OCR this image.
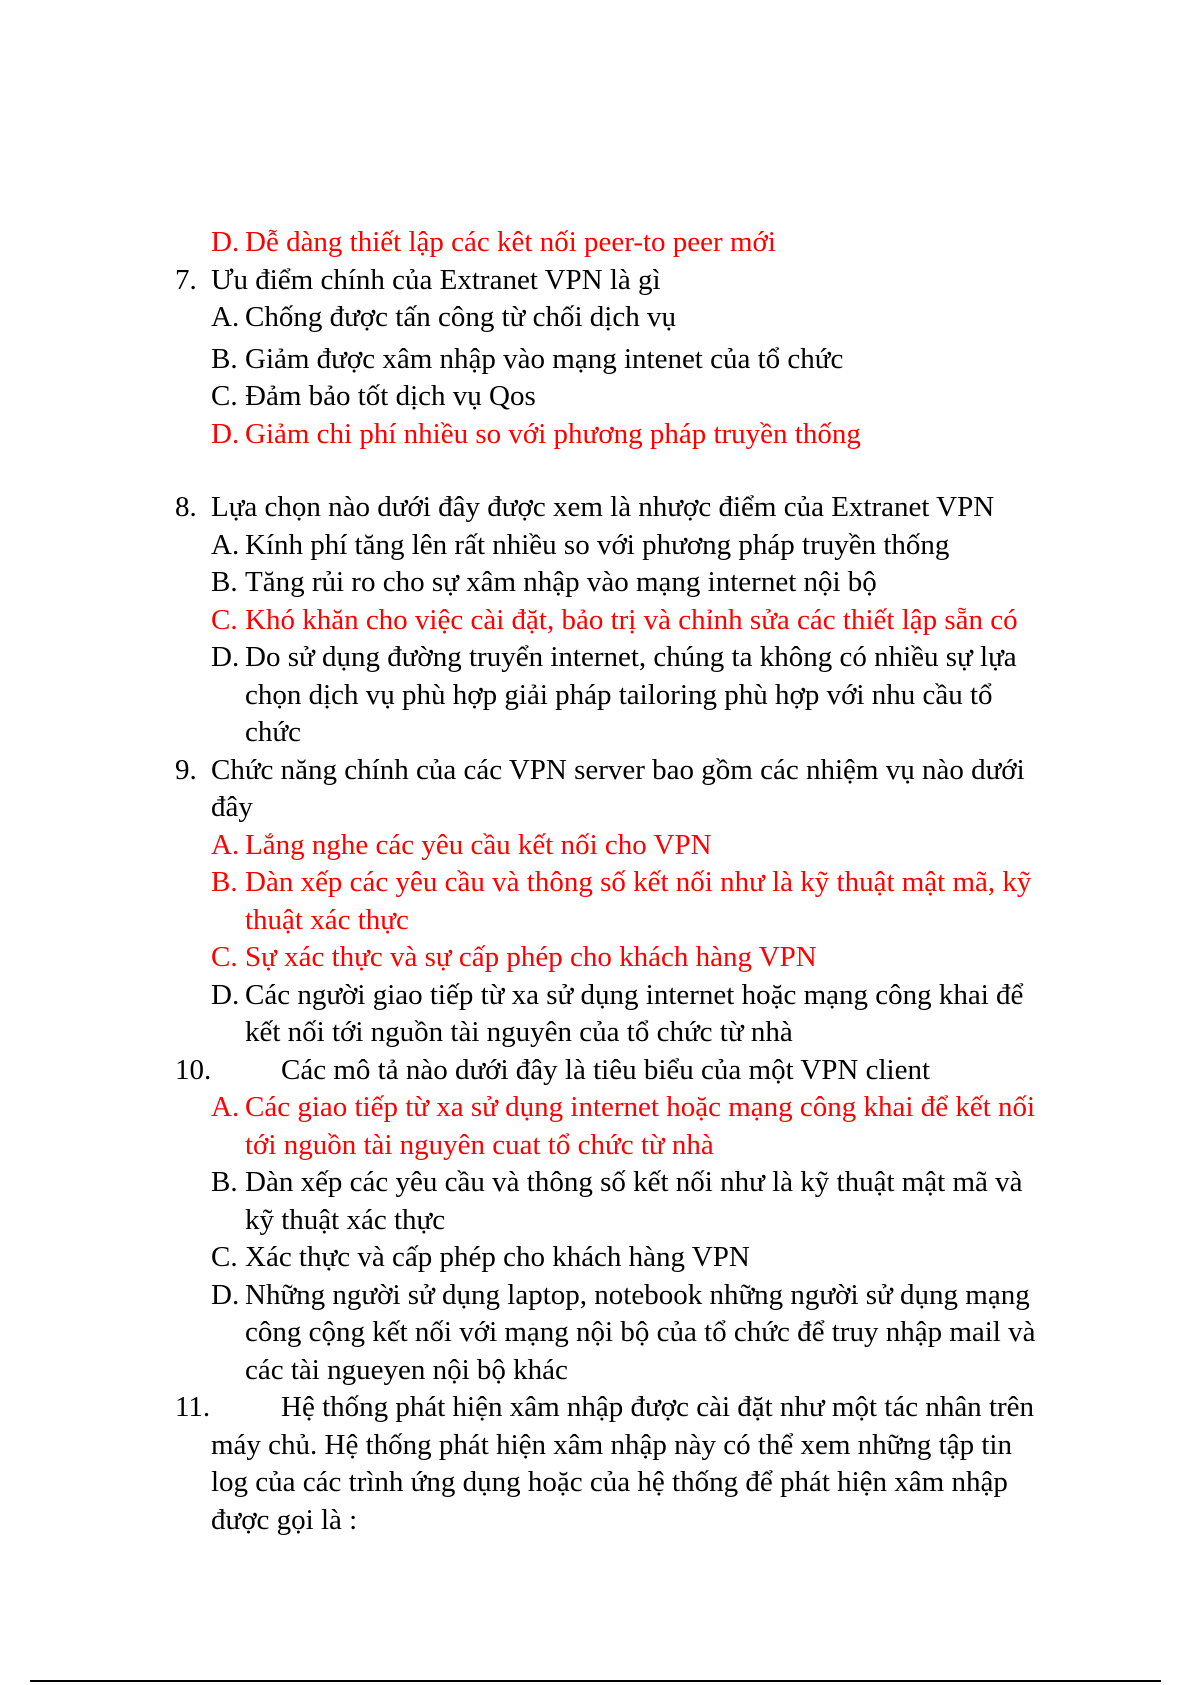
D. Dễ dàng thiết lập các kêt nối peer-to peer mới
7. Ưu điểm chính của Extranet VPN là gì
A. Chống được tấn công từ chối dịch vụ
B. Giảm được xâm nhập vào mạng intenet của tổ chức
C. Đảm bảo tốt dịch vụ Qos
D. Giảm chi phí nhiều so với phương pháp truyền thống
8. Lựa chọn nào dưới đây được xem là nhược điểm của Extranet VPN
A. Kính phí tăng lên rất nhiều so với phương pháp truyền thống
B. Tăng rủi ro cho sự xâm nhập vào mạng internet nội bộ
C. Khó khăn cho việc cài đặt, bảo trị và chỉnh sửa các thiết lập sẵn có
D. Do sử dụng đường truyển internet, chúng ta không có nhiều sự lựa chọn dịch vụ phù hợp giải pháp tailoring phù hợp với nhu cầu tổ chức
9. Chức năng chính của các VPN server bao gồm các nhiệm vụ nào dưới đây
A. Lắng nghe các yêu cầu kết nối cho VPN
B. Dàn xếp các yêu cầu và thông số kết nối như là kỹ thuật mật mã, kỹ thuật xác thực
C. Sự xác thực và sự cấp phép cho khách hàng VPN
D. Các người giao tiếp từ xa sử dụng internet hoặc mạng công khai để kết nối tới nguồn tài nguyên của tổ chức từ nhà
10. Các mô tả nào dưới đây là tiêu biểu của một VPN client
A. Các giao tiếp từ xa sử dụng internet hoặc mạng công khai để kết nối tới nguồn tài nguyên cuat tổ chức từ nhà
B. Dàn xếp các yêu cầu và thông số kết nối như là kỹ thuật mật mã và kỹ thuật xác thực
C. Xác thực và cấp phép cho khách hàng VPN
D. Những người sử dụng laptop, notebook những người sử dụng mạng công cộng kết nối với mạng nội bộ của tổ chức để truy nhập mail và các tài ngueyen nội bộ khác
11. Hệ thống phát hiện xâm nhập được cài đặt như một tác nhân trên máy chủ. Hệ thống phát hiện xâm nhập này có thể xem những tập tin log của các trình ứng dụng hoặc của hệ thống để phát hiện xâm nhập được gọi là :
